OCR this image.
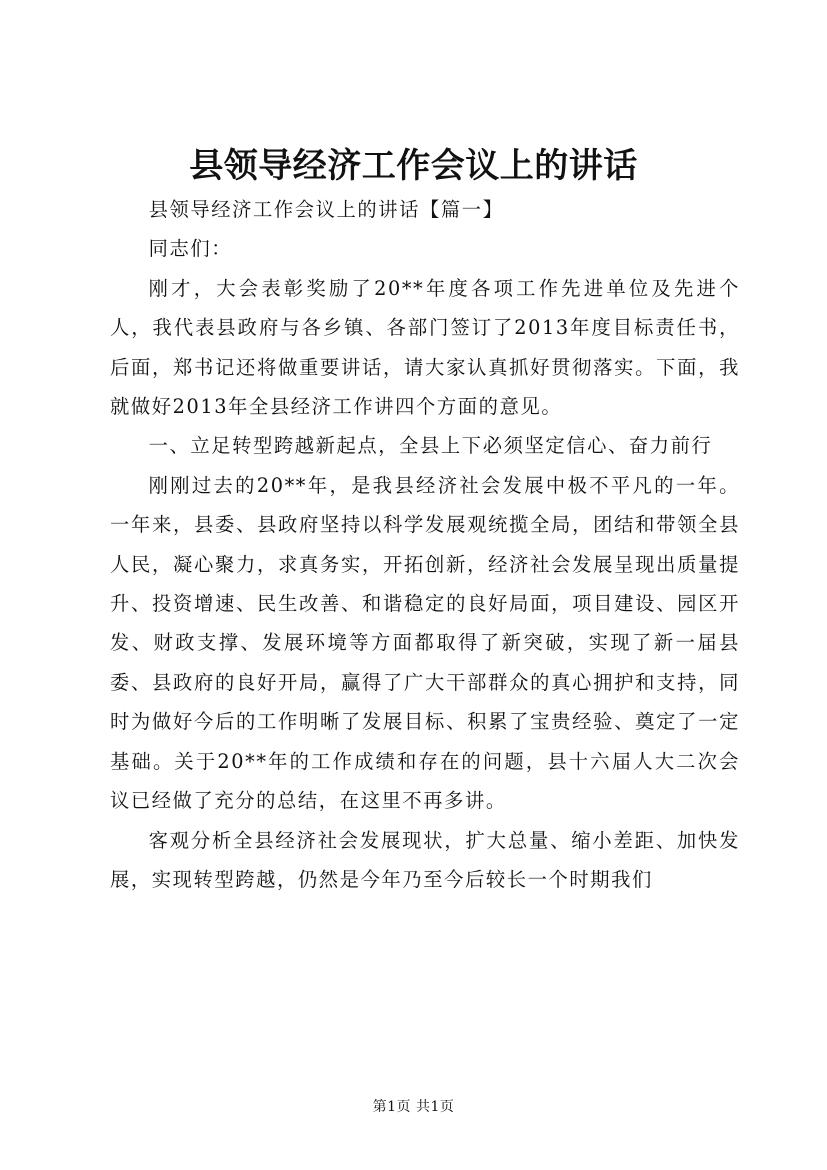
县领导经济工作会议上的讲话

县领导经济工作会议上的讲话【篇一】

同志们：

刚才，大会表彰奖励了20**年度各项工作先进单位及先进个人，我代表县政府与各乡镇、各部门签订了2013年度目标责任书，后面，郑书记还将做重要讲话，请大家认真抓好贯彻落实。下面，我就做好2013年全县经济工作讲四个方面的意见。

一、立足转型跨越新起点，全县上下必须坚定信心、奋力前行

刚刚过去的20**年，是我县经济社会发展中极不平凡的一年。一年来，县委、县政府坚持以科学发展观统揽全局，团结和带领全县人民，凝心聚力，求真务实，开拓创新，经济社会发展呈现出质量提升、投资增速、民生改善、和谐稳定的良好局面，项目建设、园区开发、财政支撑、发展环境等方面都取得了新突破，实现了新一届县委、县政府的良好开局，赢得了广大干部群众的真心拥护和支持，同时为做好今后的工作明晰了发展目标、积累了宝贵经验、奠定了一定基础。关于20**年的工作成绩和存在的问题，县十六届人大二次会议已经做了充分的总结，在这里不再多讲。

客观分析全县经济社会发展现状，扩大总量、缩小差距、加快发展，实现转型跨越，仍然是今年乃至今后较长一个时期我们

第1页 共1页
